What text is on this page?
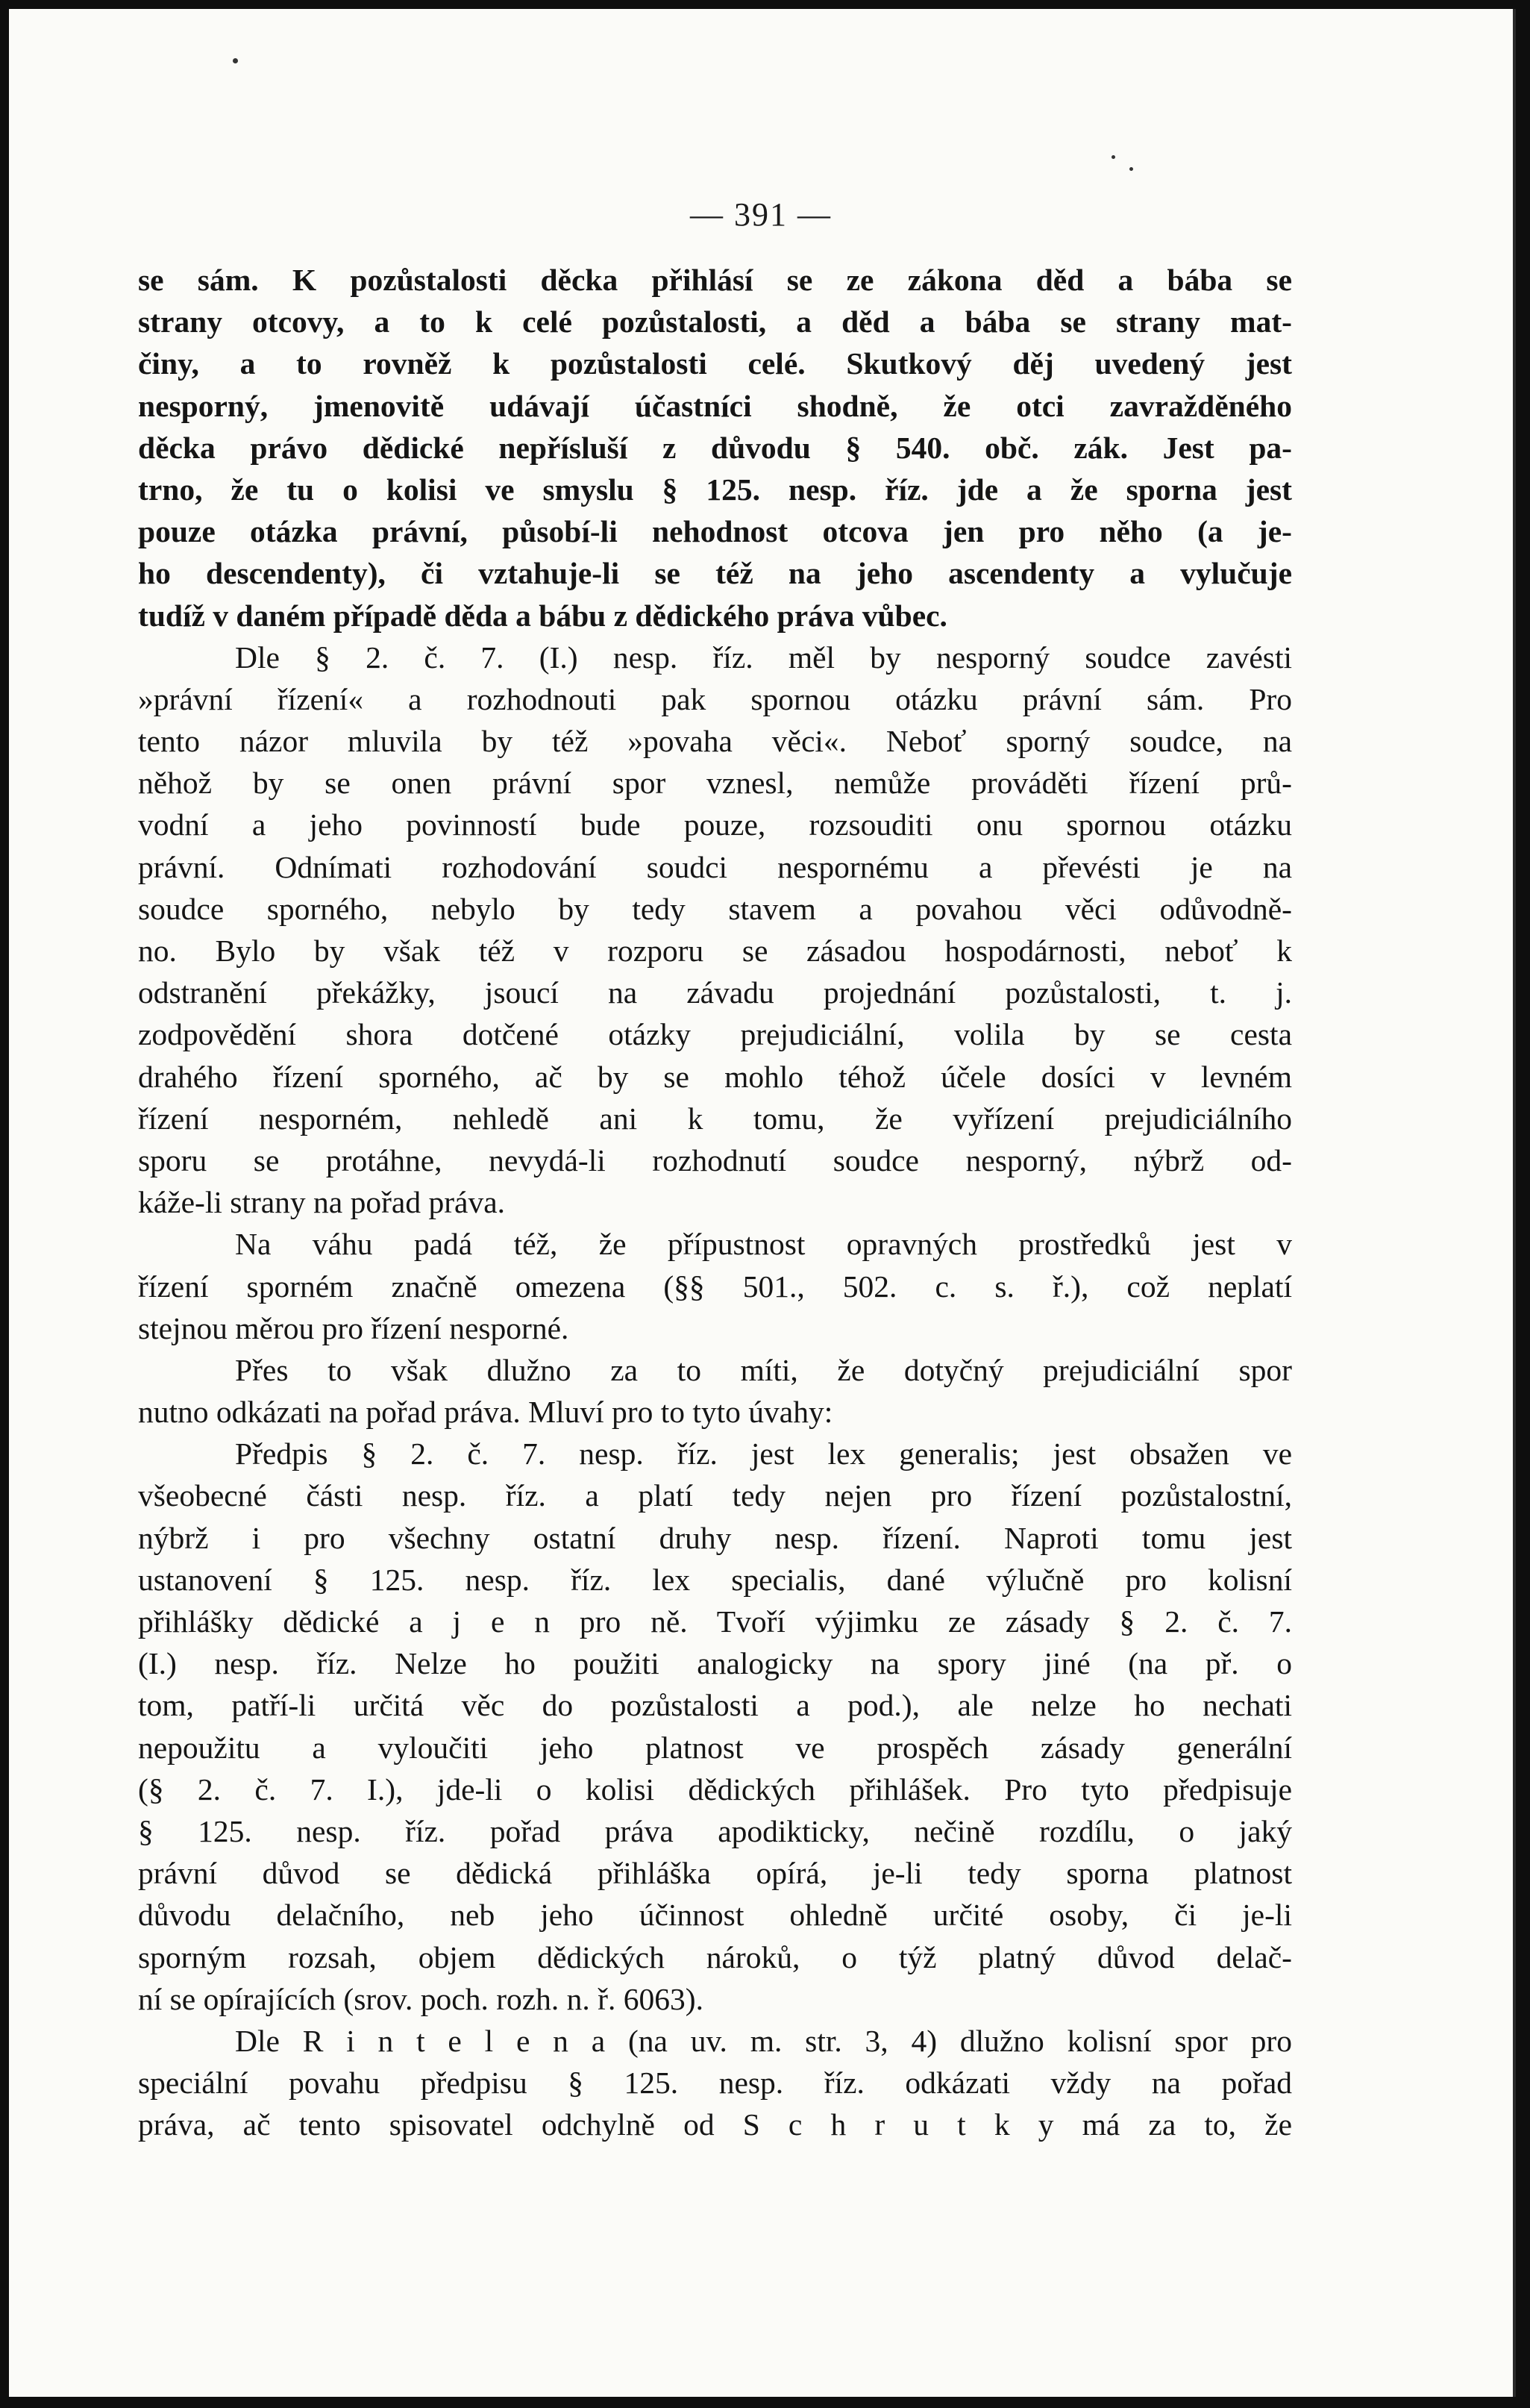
— 391 —
se sám. K pozůstalosti děcka přihlásí se ze zákona děd a bába se
strany otcovy, a to k celé pozůstalosti, a děd a bába se strany mat-
činy, a to rovněž k pozůstalosti celé. Skutkový děj uvedený jest
nesporný, jmenovitě udávají účastníci shodně, že otci zavražděného
děcka právo dědické nepřísluší z důvodu § 540. obč. zák. Jest pa-
trno, že tu o kolisi ve smyslu § 125. nesp. říz. jde a že sporna jest
pouze otázka právní, působí-li nehodnost otcova jen pro něho (a je-
ho descendenty), či vztahuje-li se též na jeho ascendenty a vylučuje
tudíž v daném případě děda a bábu z dědického práva vůbec.
Dle § 2. č. 7. (I.) nesp. říz. měl by nesporný soudce zavésti
»právní řízení« a rozhodnouti pak spornou otázku právní sám. Pro
tento názor mluvila by též »povaha věci«. Neboť sporný soudce, na
něhož by se onen právní spor vznesl, nemůže prováděti řízení prů-
vodní a jeho povinností bude pouze, rozsouditi onu spornou otázku
právní. Odnímati rozhodování soudci nespornému a převésti je na
soudce sporného, nebylo by tedy stavem a povahou věci odůvodně-
no. Bylo by však též v rozporu se zásadou hospodárnosti, neboť k
odstranění překážky, jsoucí na závadu projednání pozůstalosti, t. j.
zodpovědění shora dotčené otázky prejudiciální, volila by se cesta
drahého řízení sporného, ač by se mohlo téhož účele dosíci v levném
řízení nesporném, nehledě ani k tomu, že vyřízení prejudiciálního
sporu se protáhne, nevydá-li rozhodnutí soudce nesporný, nýbrž od-
káže-li strany na pořad práva.
Na váhu padá též, že přípustnost opravných prostředků jest v
řízení sporném značně omezena (§§ 501., 502. c. s. ř.), což neplatí
stejnou měrou pro řízení nesporné.
Přes to však dlužno za to míti, že dotyčný prejudiciální spor
nutno odkázati na pořad práva. Mluví pro to tyto úvahy:
Předpis § 2. č. 7. nesp. říz. jest lex generalis; jest obsažen ve
všeobecné části nesp. říz. a platí tedy nejen pro řízení pozůstalostní,
nýbrž i pro všechny ostatní druhy nesp. řízení. Naproti tomu jest
ustanovení § 125. nesp. říz. lex specialis, dané výlučně pro kolisní
přihlášky dědické a j e n pro ně. Tvoří výjimku ze zásady § 2. č. 7.
(I.) nesp. říz. Nelze ho použiti analogicky na spory jiné (na př. o
tom, patří-li určitá věc do pozůstalosti a pod.), ale nelze ho nechati
nepoužitu a vyloučiti jeho platnost ve prospěch zásady generální
(§ 2. č. 7. I.), jde-li o kolisi dědických přihlášek. Pro tyto předpisuje
§ 125. nesp. říz. pořad práva apodikticky, nečině rozdílu, o jaký
právní důvod se dědická přihláška opírá, je-li tedy sporna platnost
důvodu delačního, neb jeho účinnost ohledně určité osoby, či je-li
sporným rozsah, objem dědických nároků, o týž platný důvod delač-
ní se opírajících (srov. poch. rozh. n. ř. 6063).
Dle R i n t e l e n a (na uv. m. str. 3, 4) dlužno kolisní spor pro
speciální povahu předpisu § 125. nesp. říz. odkázati vždy na pořad
práva, ač tento spisovatel odchylně od S c h r u t k y má za to, že
